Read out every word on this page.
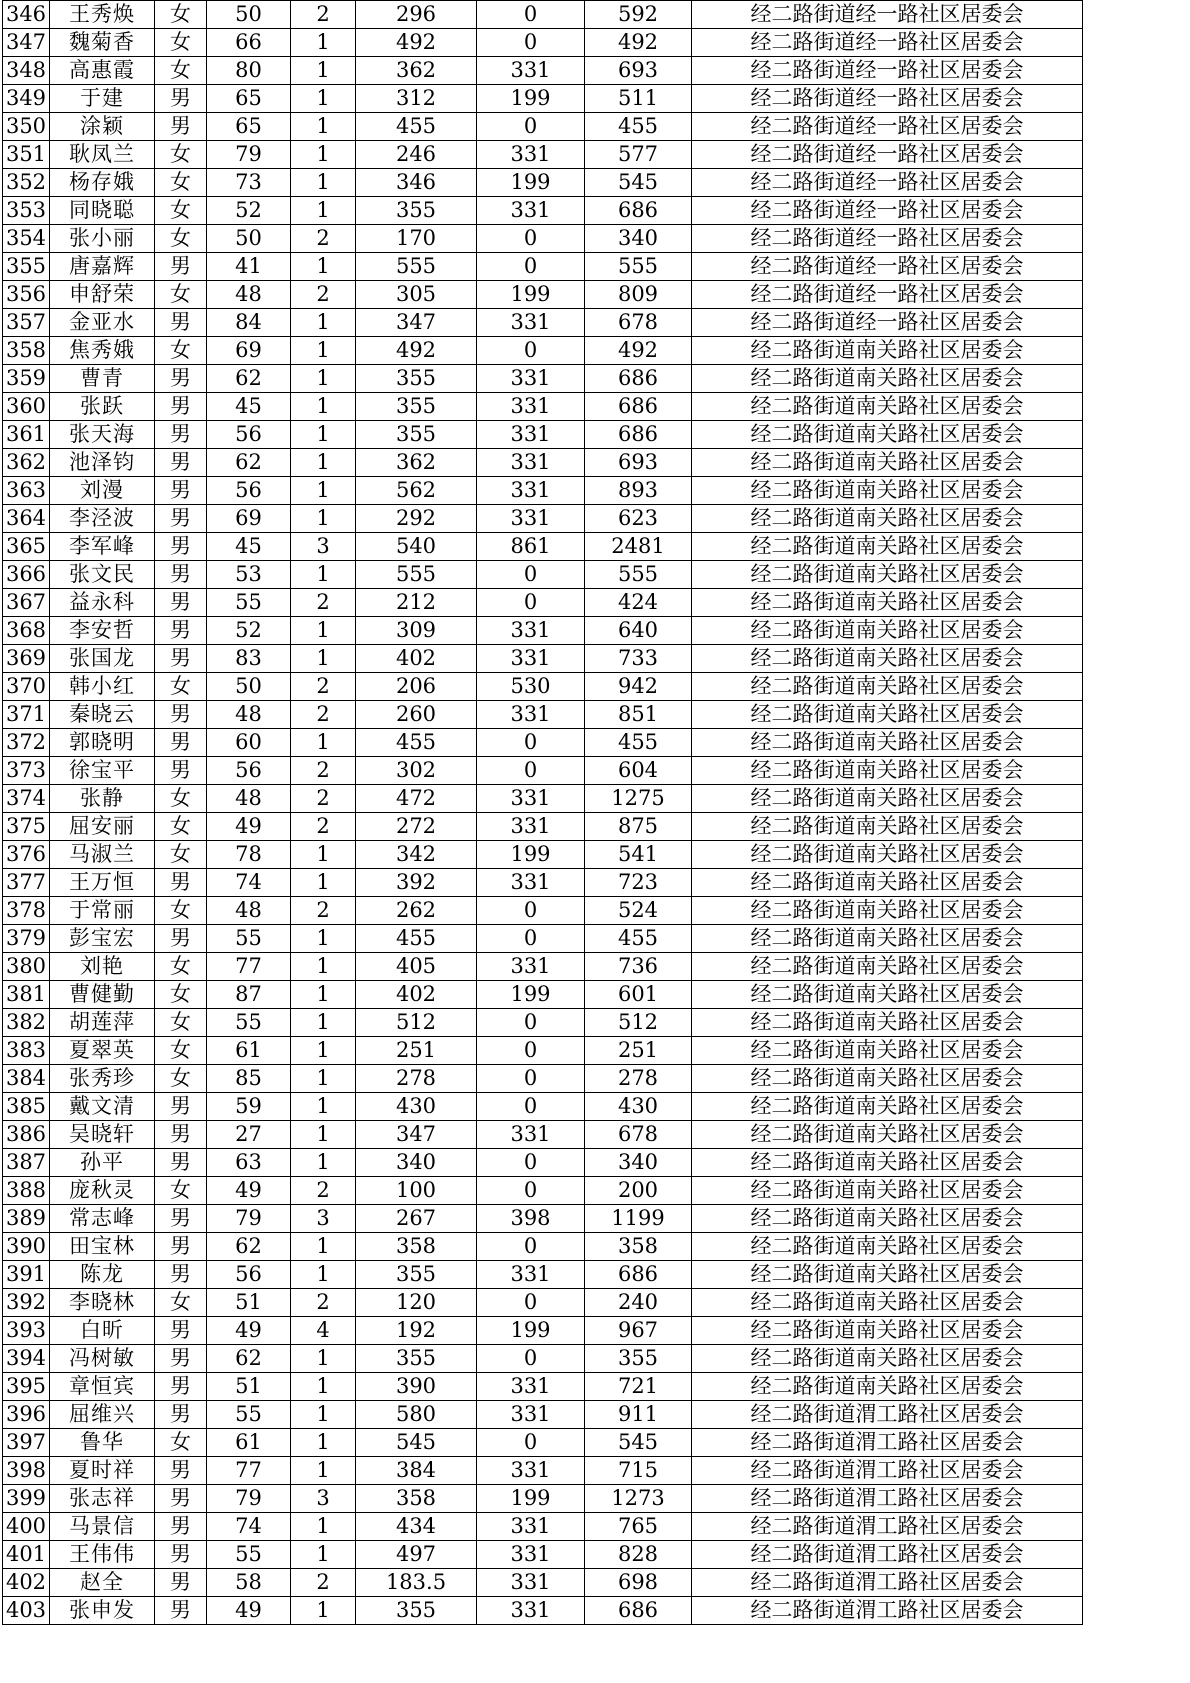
346	王秀焕	女	50	2	296	0	592	经二路街道经一路社区居委会
347	魏菊香	女	66	1	492	0	492	经二路街道经一路社区居委会
348	高惠霞	女	80	1	362	331	693	经二路街道经一路社区居委会
349	于建	男	65	1	312	199	511	经二路街道经一路社区居委会
350	涂颖	男	65	1	455	0	455	经二路街道经一路社区居委会
351	耿凤兰	女	79	1	246	331	577	经二路街道经一路社区居委会
352	杨存娥	女	73	1	346	199	545	经二路街道经一路社区居委会
353	同晓聪	女	52	1	355	331	686	经二路街道经一路社区居委会
354	张小丽	女	50	2	170	0	340	经二路街道经一路社区居委会
355	唐嘉辉	男	41	1	555	0	555	经二路街道经一路社区居委会
356	申舒荣	女	48	2	305	199	809	经二路街道经一路社区居委会
357	金亚水	男	84	1	347	331	678	经二路街道经一路社区居委会
358	焦秀娥	女	69	1	492	0	492	经二路街道南关路社区居委会
359	曹青	男	62	1	355	331	686	经二路街道南关路社区居委会
360	张跃	男	45	1	355	331	686	经二路街道南关路社区居委会
361	张天海	男	56	1	355	331	686	经二路街道南关路社区居委会
362	池泽钧	男	62	1	362	331	693	经二路街道南关路社区居委会
363	刘漫	男	56	1	562	331	893	经二路街道南关路社区居委会
364	李泾波	男	69	1	292	331	623	经二路街道南关路社区居委会
365	李军峰	男	45	3	540	861	2481	经二路街道南关路社区居委会
366	张文民	男	53	1	555	0	555	经二路街道南关路社区居委会
367	益永科	男	55	2	212	0	424	经二路街道南关路社区居委会
368	李安哲	男	52	1	309	331	640	经二路街道南关路社区居委会
369	张国龙	男	83	1	402	331	733	经二路街道南关路社区居委会
370	韩小红	女	50	2	206	530	942	经二路街道南关路社区居委会
371	秦晓云	男	48	2	260	331	851	经二路街道南关路社区居委会
372	郭晓明	男	60	1	455	0	455	经二路街道南关路社区居委会
373	徐宝平	男	56	2	302	0	604	经二路街道南关路社区居委会
374	张静	女	48	2	472	331	1275	经二路街道南关路社区居委会
375	屈安丽	女	49	2	272	331	875	经二路街道南关路社区居委会
376	马淑兰	女	78	1	342	199	541	经二路街道南关路社区居委会
377	王万恒	男	74	1	392	331	723	经二路街道南关路社区居委会
378	于常丽	女	48	2	262	0	524	经二路街道南关路社区居委会
379	彭宝宏	男	55	1	455	0	455	经二路街道南关路社区居委会
380	刘艳	女	77	1	405	331	736	经二路街道南关路社区居委会
381	曹健勤	女	87	1	402	199	601	经二路街道南关路社区居委会
382	胡莲萍	女	55	1	512	0	512	经二路街道南关路社区居委会
383	夏翠英	女	61	1	251	0	251	经二路街道南关路社区居委会
384	张秀珍	女	85	1	278	0	278	经二路街道南关路社区居委会
385	戴文清	男	59	1	430	0	430	经二路街道南关路社区居委会
386	吴晓轩	男	27	1	347	331	678	经二路街道南关路社区居委会
387	孙平	男	63	1	340	0	340	经二路街道南关路社区居委会
388	庞秋灵	女	49	2	100	0	200	经二路街道南关路社区居委会
389	常志峰	男	79	3	267	398	1199	经二路街道南关路社区居委会
390	田宝林	男	62	1	358	0	358	经二路街道南关路社区居委会
391	陈龙	男	56	1	355	331	686	经二路街道南关路社区居委会
392	李晓林	女	51	2	120	0	240	经二路街道南关路社区居委会
393	白昕	男	49	4	192	199	967	经二路街道南关路社区居委会
394	冯树敏	男	62	1	355	0	355	经二路街道南关路社区居委会
395	章恒宾	男	51	1	390	331	721	经二路街道南关路社区居委会
396	屈维兴	男	55	1	580	331	911	经二路街道渭工路社区居委会
397	鲁华	女	61	1	545	0	545	经二路街道渭工路社区居委会
398	夏时祥	男	77	1	384	331	715	经二路街道渭工路社区居委会
399	张志祥	男	79	3	358	199	1273	经二路街道渭工路社区居委会
400	马景信	男	74	1	434	331	765	经二路街道渭工路社区居委会
401	王伟伟	男	55	1	497	331	828	经二路街道渭工路社区居委会
402	赵全	男	58	2	183.5	331	698	经二路街道渭工路社区居委会
403	张申发	男	49	1	355	331	686	经二路街道渭工路社区居委会
